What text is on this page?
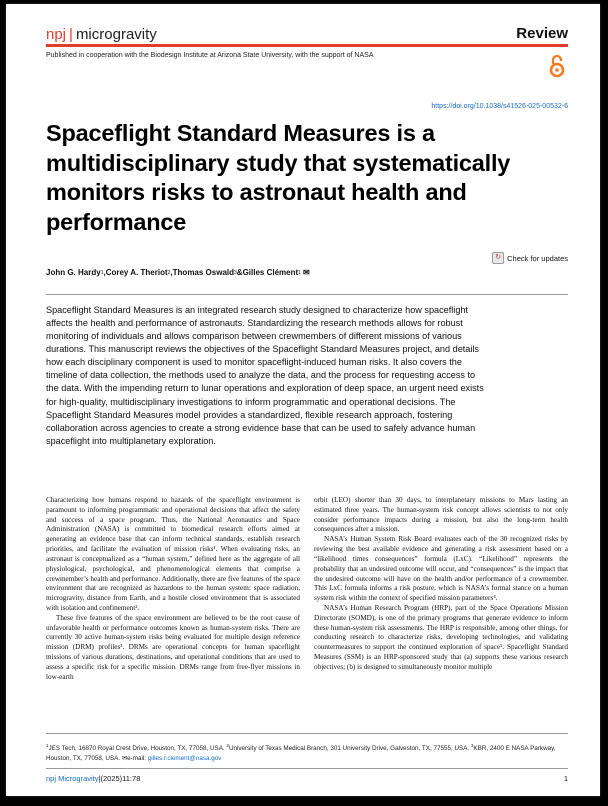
npj | microgravity	Review
Published in cooperation with the Biodesign Institute at Arizona State University, with the support of NASA
https://doi.org/10.1038/s41526-025-00532-6
Spaceflight Standard Measures is a multidisciplinary study that systematically monitors risks to astronaut health and performance
↻ Check for updates
John G. Hardy 1 , Corey A. Theriot 2 , Thomas Oswald 3 & Gilles Clément 1 ✉

Spaceflight Standard Measures is an integrated research study designed to characterize how spaceflight affects the health and performance of astronauts. Standardizing the research methods allows for robust monitoring of individuals and allows comparison between crewmembers of different missions of various durations. This manuscript reviews the objectives of the Spaceflight Standard Measures project, and details how each disciplinary component is used to monitor spaceflight-induced human risks. It also covers the timeline of data collection, the methods used to analyze the data, and the process for requesting access to the data. With the impending return to lunar operations and exploration of deep space, an urgent need exists for high-quality, multidisciplinary investigations to inform programmatic and operational decisions. The Spaceflight Standard Measures model provides a standardized, flexible research approach, fostering collaboration across agencies to create a strong evidence base that can be used to safely advance human spaceflight into multiplanetary exploration.

Characterizing how humans respond to hazards of the spaceflight environment is paramount to informing programmatic and operational decisions that affect the safety and success of a space program. Thus, the National Aeronautics and Space Administration (NASA) is committed to biomedical research efforts aimed at generating an evidence base that can inform technical standards, establish research priorities, and facilitate the evaluation of mission risks¹. When evaluating risks, an astronaut is conceptualized as a “human system,” defined here as the aggregate of all physiological, psychological, and phenomenological elements that comprise a crewmember’s health and performance. Additionally, there are five features of the space environment that are recognized as hazardous to the human system: space radiation, microgravity, distance from Earth, and a hostile closed environment that is associated with isolation and confinement².

These five features of the space environment are believed to be the root cause of unfavorable health or performance outcomes known as human-system risks. There are currently 30 active human-system risks being evaluated for multiple design reference mission (DRM) profiles³. DRMs are operational concepts for human spaceflight missions of various durations, destinations, and operational conditions that are used to assess a specific risk for a specific mission. DRMs range from free-flyer missions in low-earth

orbit (LEO) shorter than 30 days, to interplanetary missions to Mars lasting an estimated three years. The human-system risk concept allows scientists to not only consider performance impacts during a mission, but also the long-term health consequences after a mission.

NASA’s Human System Risk Board evaluates each of the 30 recognized risks by reviewing the best available evidence and generating a risk assessment based on a “likelihood times consequences” formula (LxC). “Likelihood” represents the probability that an undesired outcome will occur, and “consequences” is the impact that the undesired outcome will have on the health and/or performance of a crewmember. This LxC formula informs a risk posture, which is NASA’s formal stance on a human system risk within the context of specified mission parameters⁴.

NASA’s Human Research Program (HRP), part of the Space Operations Mission Directorate (SOMD), is one of the primary programs that generate evidence to inform these human-system risk assessments. The HRP is responsible, among other things, for conducting research to characterize risks, developing technologies, and validating countermeasures to support the continued exploration of space⁵. Spaceflight Standard Measures (SSM) is an HRP-sponsored study that (a) supports these various research objectives; (b) is designed to simultaneously monitor multiple

$^1$JES Tech, 16870 Royal Crest Drive, Houston, TX, 77058, USA. $^2$University of Texas Medical Branch, 301 University Drive, Galveston, TX, 77555, USA. $^3$KBR, 2400 E NASA Parkway, Houston, TX, 77058, USA. ✉e-mail: gilles.r.clement@nasa.gov
npj Microgravity|(2025)11:78	1
